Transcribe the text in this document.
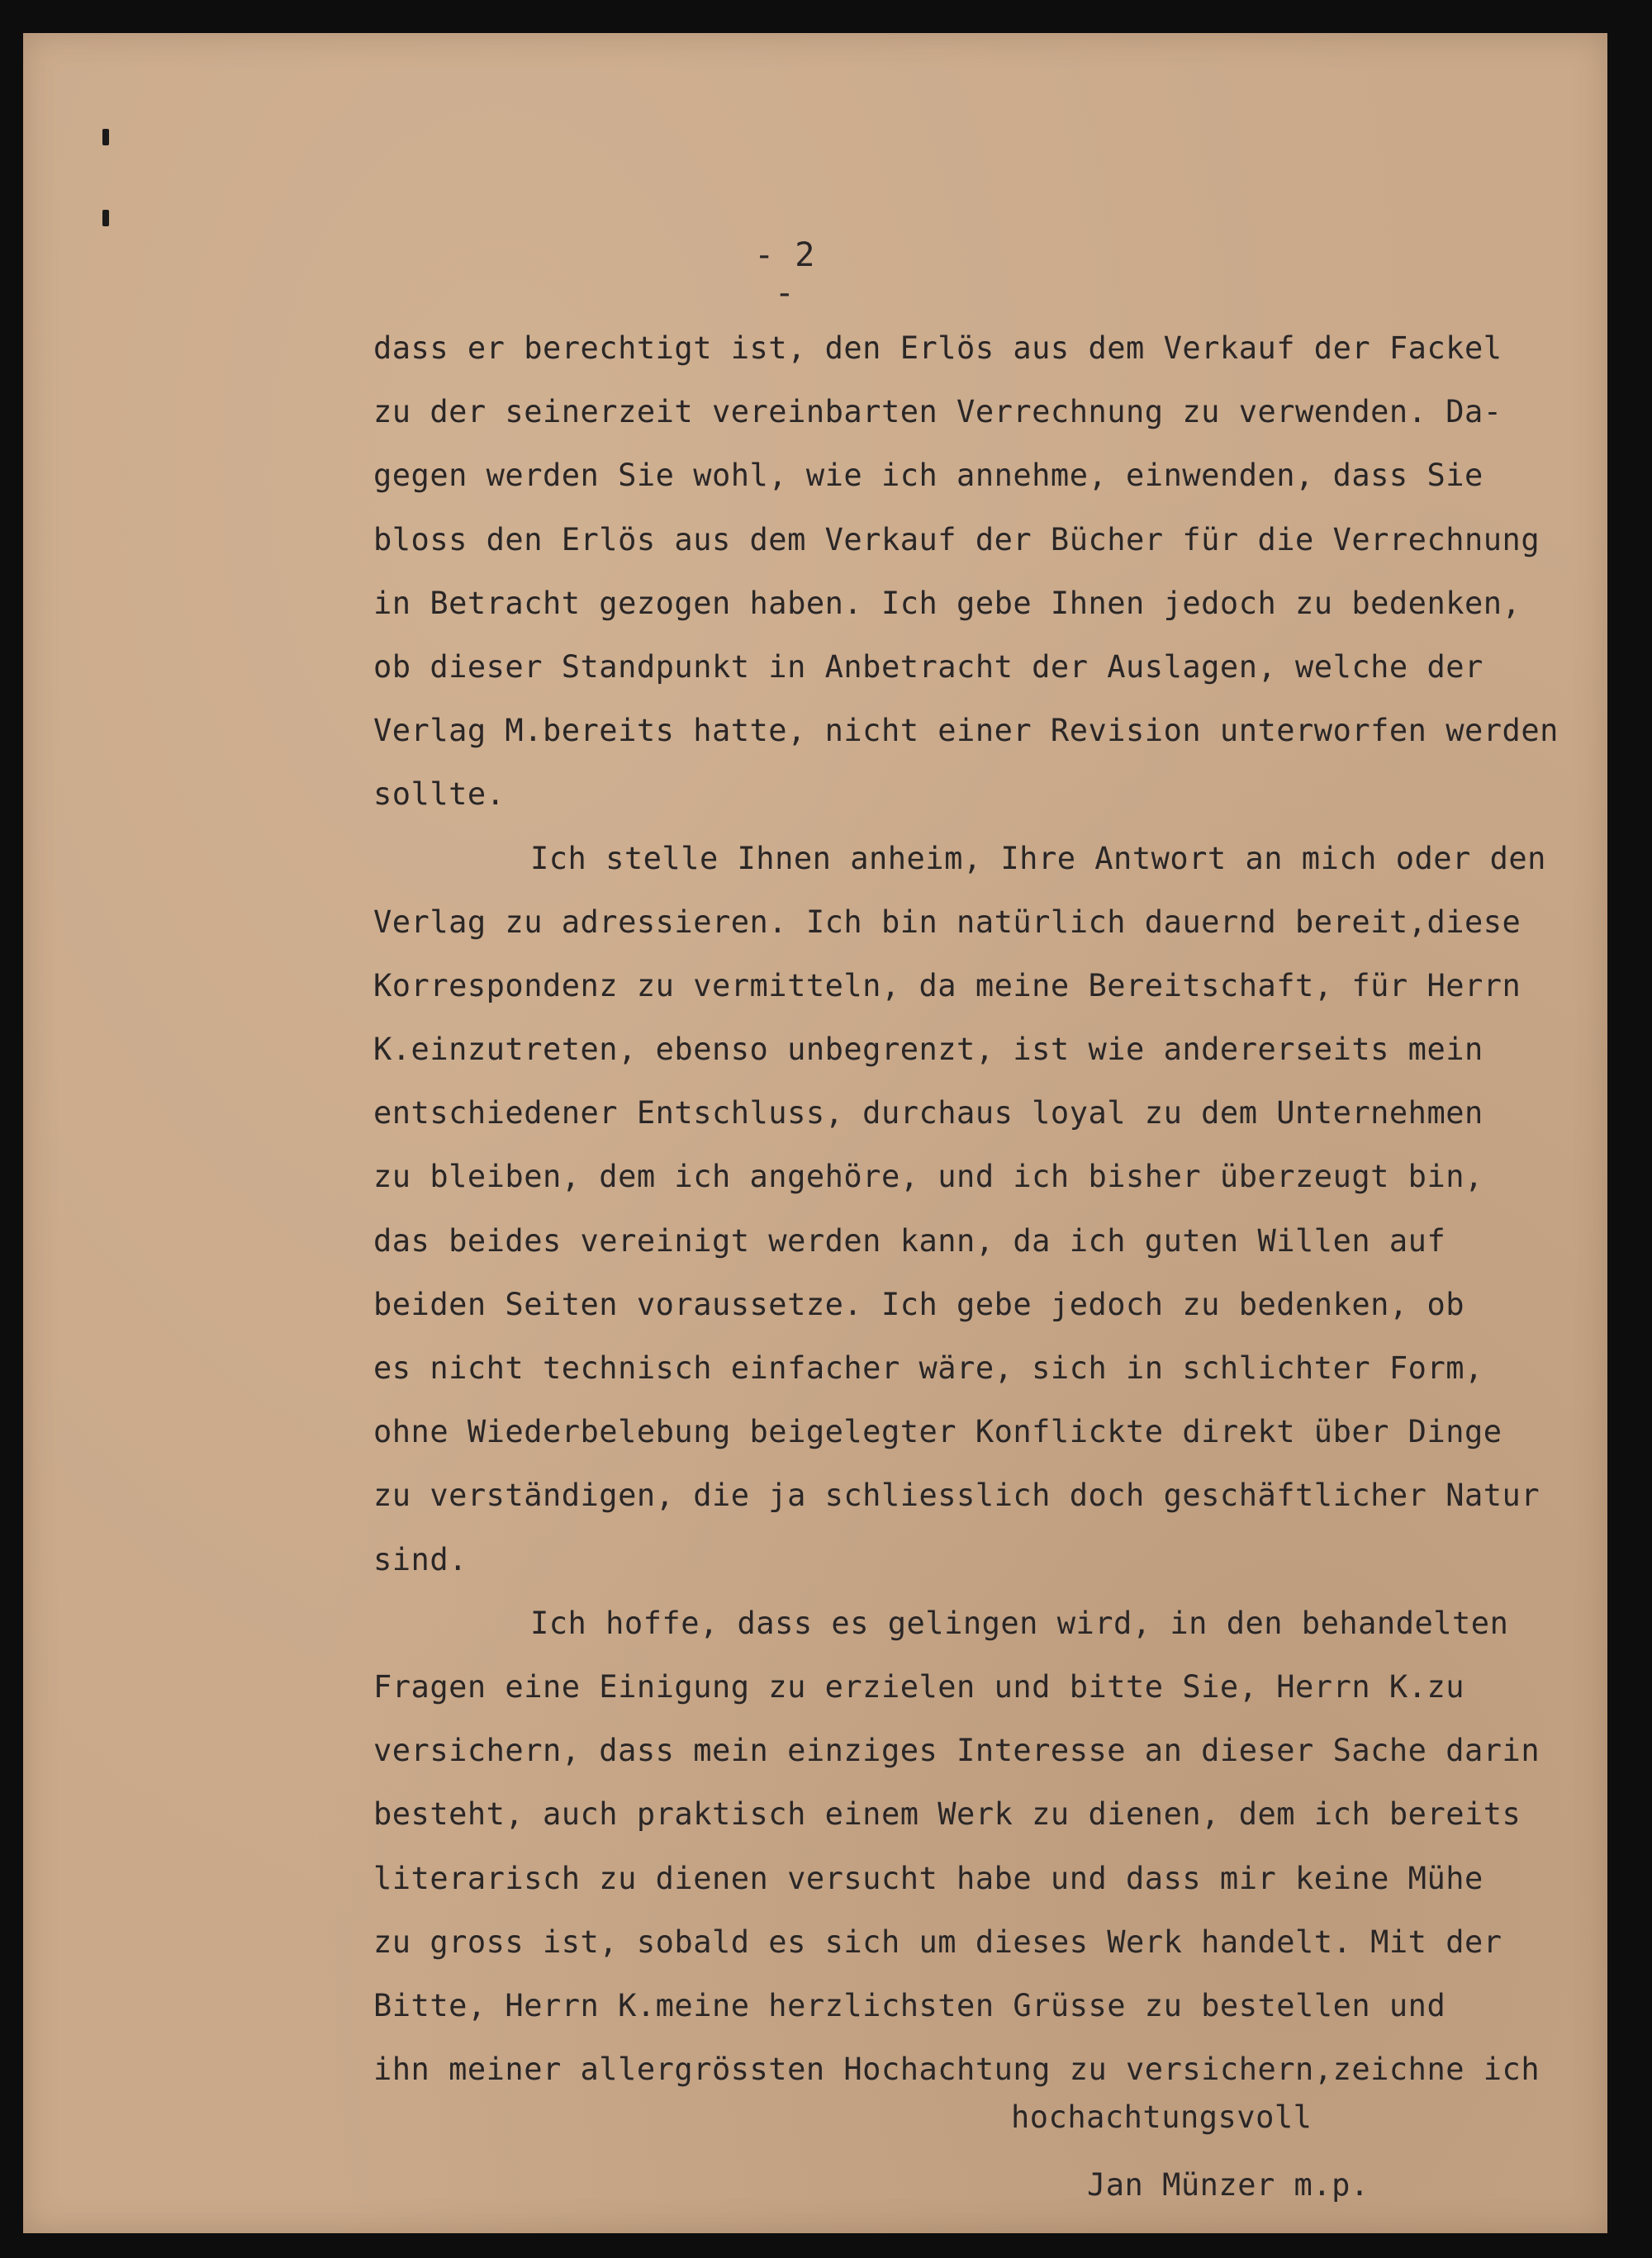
- 2 -
dass er berechtigt ist, den Erlös aus dem Verkauf der Fackel
zu der seinerzeit vereinbarten Verrechnung zu verwenden. Da-
gegen werden Sie wohl, wie ich annehme, einwenden, dass Sie
bloss den Erlös aus dem Verkauf der Bücher für die Verrechnung
in Betracht gezogen haben. Ich gebe Ihnen jedoch zu bedenken,
ob dieser Standpunkt in Anbetracht der Auslagen, welche der
Verlag M.bereits hatte, nicht einer Revision unterworfen werden
sollte.
Ich stelle Ihnen anheim, Ihre Antwort an mich oder den
Verlag zu adressieren. Ich bin natürlich dauernd bereit,diese
Korrespondenz zu vermitteln, da meine Bereitschaft, für Herrn
K.einzutreten, ebenso unbegrenzt, ist wie andererseits mein
entschiedener Entschluss, durchaus loyal zu dem Unternehmen
zu bleiben, dem ich angehöre, und ich bisher überzeugt bin,
das beides vereinigt werden kann, da ich guten Willen auf
beiden Seiten voraussetze. Ich gebe jedoch zu bedenken, ob
es nicht technisch einfacher wäre, sich in schlichter Form,
ohne Wiederbelebung beigelegter Konflickte direkt über Dinge
zu verständigen, die ja schliesslich doch geschäftlicher Natur
sind.
Ich hoffe, dass es gelingen wird, in den behandelten
Fragen eine Einigung zu erzielen und bitte Sie, Herrn K.zu
versichern, dass mein einziges Interesse an dieser Sache darin
besteht, auch praktisch einem Werk zu dienen, dem ich bereits
literarisch zu dienen versucht habe und dass mir keine Mühe
zu gross ist, sobald es sich um dieses Werk handelt. Mit der
Bitte, Herrn K.meine herzlichsten Grüsse zu bestellen und
ihn meiner allergrössten Hochachtung zu versichern,zeichne ich
hochachtungsvoll
Jan Münzer m.p.
